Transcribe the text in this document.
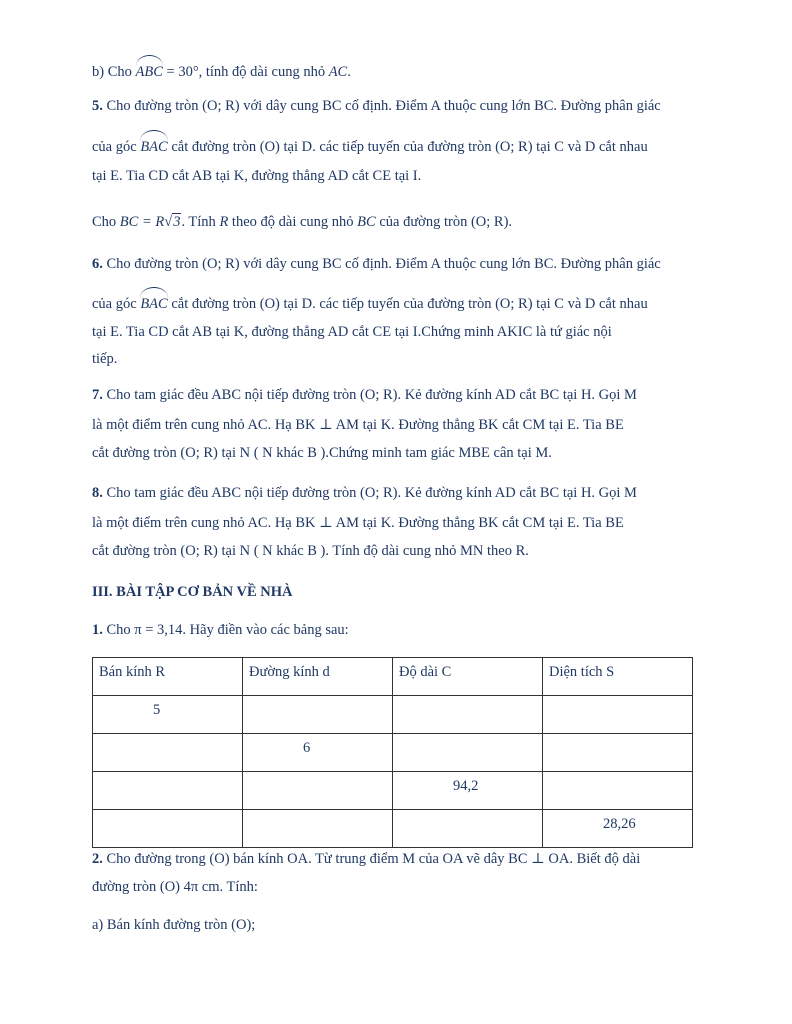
b) Cho ABC = 30°, tính độ dài cung nhỏ AC.
5. Cho đường tròn (O; R) với dây cung BC cố định. Điểm A thuộc cung lớn BC. Đường phân giác
của góc BAC cắt đường tròn (O) tại D. các tiếp tuyến của đường tròn (O; R) tại C và D cắt nhau
tại E. Tia CD cắt AB tại K, đường thẳng AD cắt CE tại I.
Cho BC = R√3. Tính R theo độ dài cung nhỏ BC của đường tròn (O; R).
6. Cho đường tròn (O; R) với dây cung BC cố định. Điểm A thuộc cung lớn BC. Đường phân giác
của góc BAC cắt đường tròn (O) tại D. các tiếp tuyến của đường tròn (O; R) tại C và D cắt nhau
tại E. Tia CD cắt AB tại K, đường thẳng AD cắt CE tại I.Chứng minh AKIC là tứ giác nội
tiếp.
7. Cho tam giác đều ABC nội tiếp đường tròn (O; R). Kẻ đường kính AD cắt BC tại H. Gọi M
là một điểm trên cung nhỏ AC. Hạ BK ⊥ AM tại K. Đường thẳng BK cắt CM tại E. Tia BE
cắt đường tròn (O; R) tại N ( N khác B ).Chứng minh tam giác MBE cân tại M.
8. Cho tam giác đều ABC nội tiếp đường tròn (O; R). Kẻ đường kính AD cắt BC tại H. Gọi M
là một điểm trên cung nhỏ AC. Hạ BK ⊥ AM tại K. Đường thẳng BK cắt CM tại E. Tia BE
cắt đường tròn (O; R) tại N ( N khác B ). Tính độ dài cung nhỏ MN theo R.
III. BÀI TẬP CƠ BẢN VỀ NHÀ
1. Cho π = 3,14. Hãy điền vào các bảng sau:
Bán kính R	Đường kính d	Độ dài C	Diện tích S

5			

	6		

		94,2	

			28,26
2. Cho đường trong (O) bán kính OA. Từ trung điểm M của OA vẽ dây BC ⊥ OA. Biết độ dài
đường tròn (O) 4π cm. Tính:
a) Bán kính đường tròn (O);
